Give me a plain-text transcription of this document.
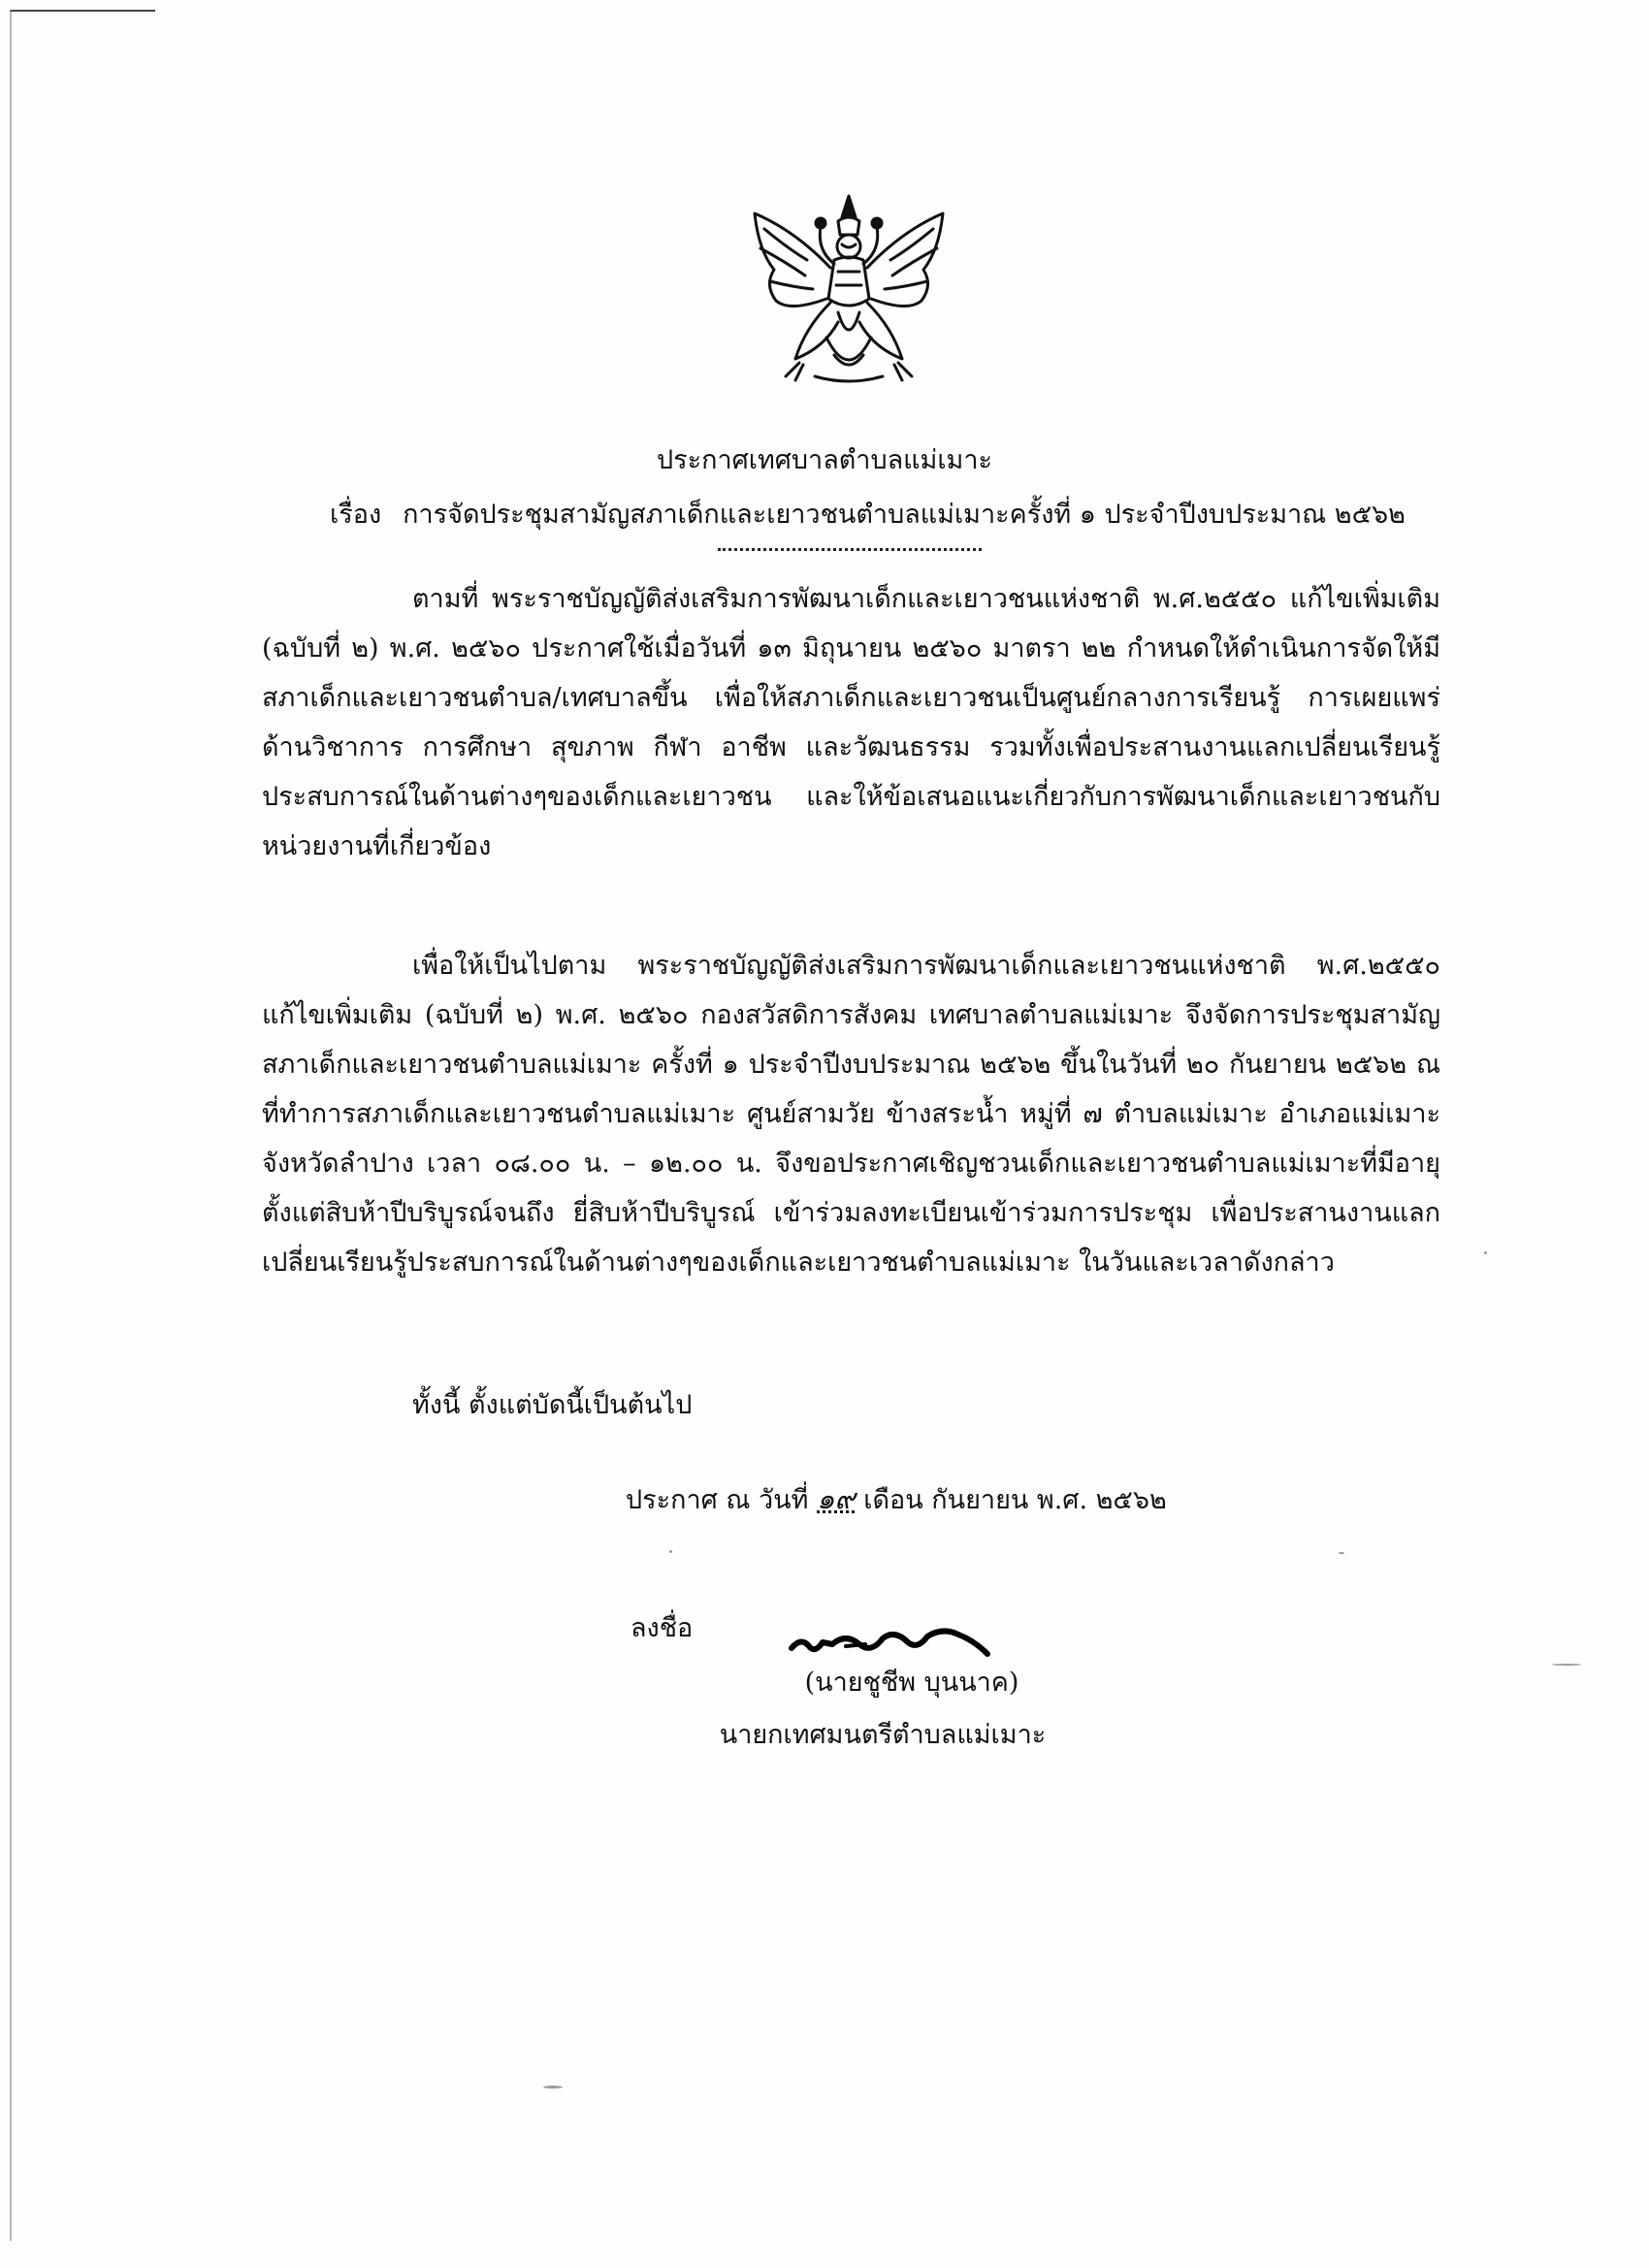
ประกาศเทศบาลตำบลแม่เมาะ
เรื่อง การจัดประชุมสามัญสภาเด็กและเยาวชนตำบลแม่เมาะครั้งที่ ๑ ประจำปีงบประมาณ ๒๕๖๒
ตามที่ พระราชบัญญัติส่งเสริมการพัฒนาเด็กและเยาวชนแห่งชาติ พ.ศ.๒๕๕๐ แก้ไขเพิ่มเติม (ฉบับที่ ๒) พ.ศ. ๒๕๖๐ ประกาศใช้เมื่อวันที่ ๑๓ มิถุนายน ๒๕๖๐ มาตรา ๒๒ กำหนดให้ดำเนินการจัดให้มีสภาเด็กและเยาวชนตำบล/เทศบาลขึ้น เพื่อให้สภาเด็กและเยาวชนเป็นศูนย์กลางการเรียนรู้ การเผยแพร่ด้านวิชาการ การศึกษา สุขภาพ กีฬา อาชีพ และวัฒนธรรม รวมทั้งเพื่อประสานงานแลกเปลี่ยนเรียนรู้ประสบการณ์ในด้านต่างๆของเด็กและเยาวชน และให้ข้อเสนอแนะเกี่ยวกับการพัฒนาเด็กและเยาวชนกับหน่วยงานที่เกี่ยวข้อง
เพื่อให้เป็นไปตาม พระราชบัญญัติส่งเสริมการพัฒนาเด็กและเยาวชนแห่งชาติ พ.ศ.๒๕๕๐ แก้ไขเพิ่มเติม (ฉบับที่ ๒) พ.ศ. ๒๕๖๐ กองสวัสดิการสังคม เทศบาลตำบลแม่เมาะ จึงจัดการประชุมสามัญสภาเด็กและเยาวชนตำบลแม่เมาะ ครั้งที่ ๑ ประจำปีงบประมาณ ๒๕๖๒ ขึ้นในวันที่ ๒๐ กันยายน ๒๕๖๒ ณ ที่ทำการสภาเด็กและเยาวชนตำบลแม่เมาะ ศูนย์สามวัย ข้างสระน้ำ หมู่ที่ ๗ ตำบลแม่เมาะ อำเภอแม่เมาะ จังหวัดลำปาง เวลา ๐๘.๐๐ น. – ๑๒.๐๐ น. จึงขอประกาศเชิญชวนเด็กและเยาวชนตำบลแม่เมาะที่มีอายุตั้งแต่สิบห้าปีบริบูรณ์จนถึง ยี่สิบห้าปีบริบูรณ์ เข้าร่วมลงทะเบียนเข้าร่วมการประชุม เพื่อประสานงานแลกเปลี่ยนเรียนรู้ประสบการณ์ในด้านต่างๆของเด็กและเยาวชนตำบลแม่เมาะ ในวันและเวลาดังกล่าว
ทั้งนี้ ตั้งแต่บัดนี้เป็นต้นไป
ประกาศ ณ วันที่ ๑๙ เดือน กันยายน พ.ศ. ๒๕๖๒
ลงชื่อ
(นายชูชีพ บุนนาค)
นายกเทศมนตรีตำบลแม่เมาะ
